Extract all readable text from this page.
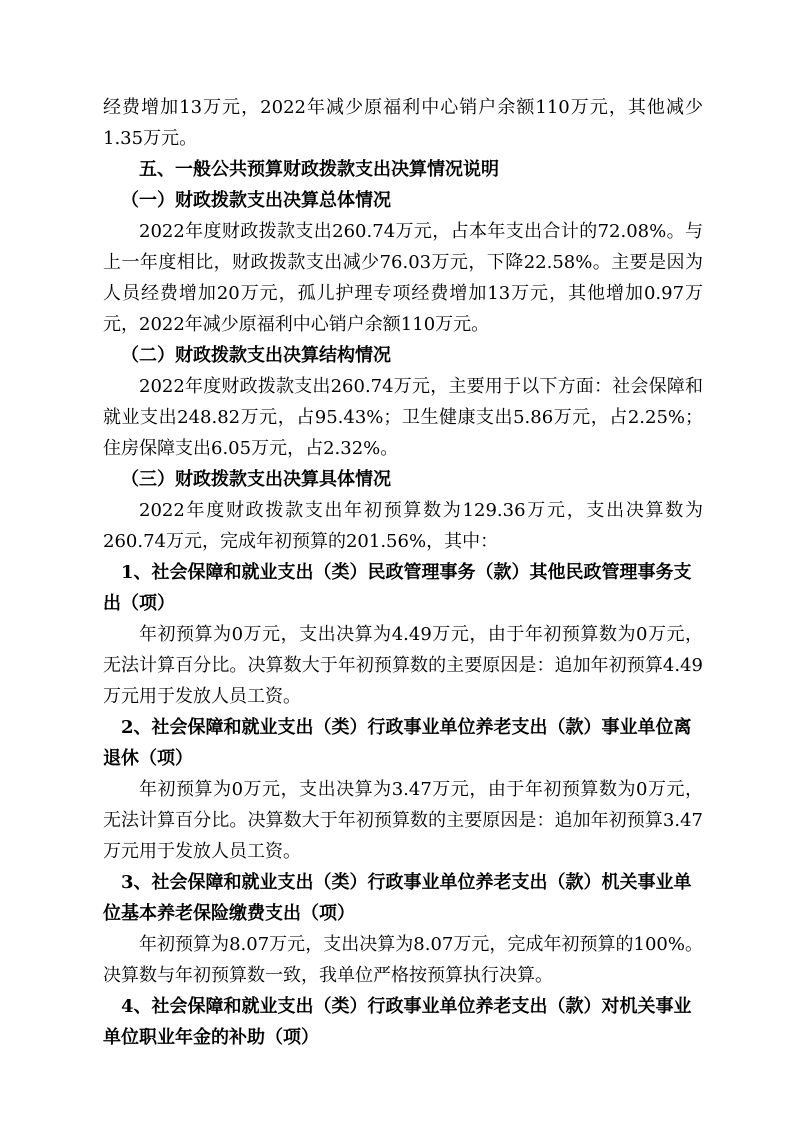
经费增加13万元，2022年减少原福利中心销户余额110万元，其他减少1.35万元。

五、一般公共预算财政拨款支出决算情况说明

（一）财政拨款支出决算总体情况

2022年度财政拨款支出260.74万元，占本年支出合计的72.08%。与上一年度相比，财政拨款支出减少76.03万元，下降22.58%。主要是因为人员经费增加20万元，孤儿护理专项经费增加13万元，其他增加0.97万元，2022年减少原福利中心销户余额110万元。

（二）财政拨款支出决算结构情况

2022年度财政拨款支出260.74万元，主要用于以下方面：社会保障和就业支出248.82万元，占95.43%；卫生健康支出5.86万元，占2.25%；住房保障支出6.05万元，占2.32%。

（三）财政拨款支出决算具体情况

2022年度财政拨款支出年初预算数为129.36万元，支出决算数为260.74万元，完成年初预算的201.56%，其中：

1、社会保障和就业支出（类）民政管理事务（款）其他民政管理事务支出（项）

年初预算为0万元，支出决算为4.49万元，由于年初预算数为0万元，无法计算百分比。决算数大于年初预算数的主要原因是：追加年初预算4.49万元用于发放人员工资。

2、社会保障和就业支出（类）行政事业单位养老支出（款）事业单位离退休（项）

年初预算为0万元，支出决算为3.47万元，由于年初预算数为0万元，无法计算百分比。决算数大于年初预算数的主要原因是：追加年初预算3.47万元用于发放人员工资。

3、社会保障和就业支出（类）行政事业单位养老支出（款）机关事业单位基本养老保险缴费支出（项）

年初预算为8.07万元，支出决算为8.07万元，完成年初预算的100%。决算数与年初预算数一致，我单位严格按预算执行决算。

4、社会保障和就业支出（类）行政事业单位养老支出（款）对机关事业单位职业年金的补助（项）
